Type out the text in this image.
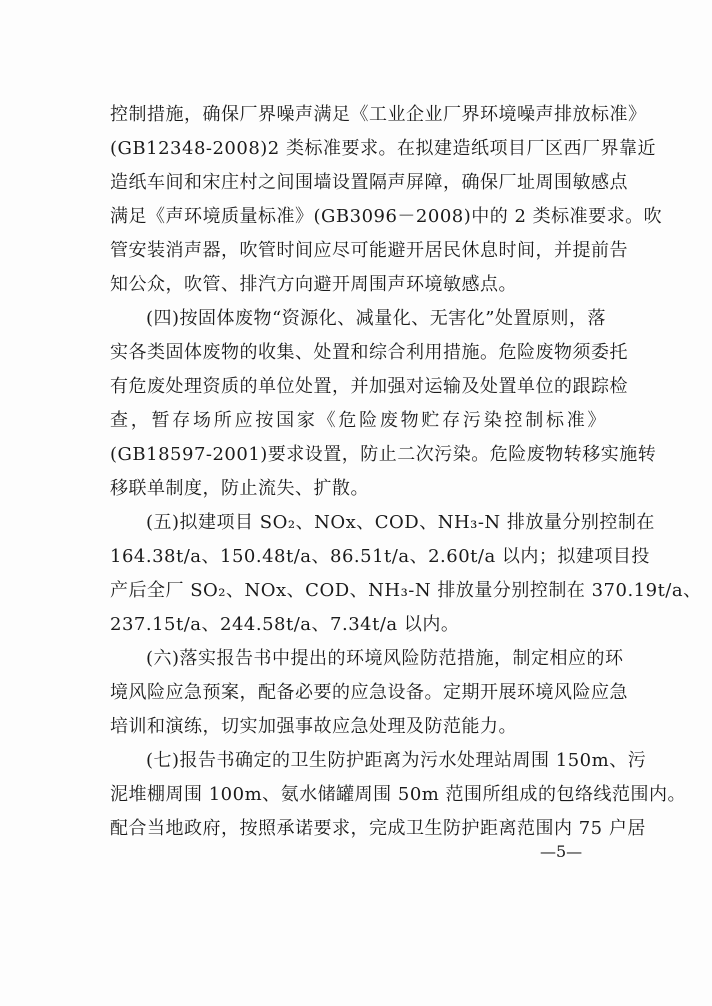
控制措施，确保厂界噪声满足《工业企业厂界环境噪声排放标准》
(GB12348-2008)2 类标准要求。在拟建造纸项目厂区西厂界靠近
造纸车间和宋庄村之间围墙设置隔声屏障，确保厂址周围敏感点
满足《声环境质量标准》(GB3096－2008)中的 2 类标准要求。吹
管安装消声器，吹管时间应尽可能避开居民休息时间，并提前告
知公众，吹管、排汽方向避开周围声环境敏感点。
(四)按固体废物“资源化、减量化、无害化”处置原则，落
实各类固体废物的收集、处置和综合利用措施。危险废物须委托
有危废处理资质的单位处置，并加强对运输及处置单位的跟踪检
查，暂存场所应按国家《危险废物贮存污染控制标准》
(GB18597-2001)要求设置，防止二次污染。危险废物转移实施转
移联单制度，防止流失、扩散。
(五)拟建项目 SO₂、NOx、COD、NH₃-N 排放量分别控制在
164.38t/a、150.48t/a、86.51t/a、2.60t/a 以内；拟建项目投
产后全厂 SO₂、NOx、COD、NH₃-N 排放量分别控制在 370.19t/a、
237.15t/a、244.58t/a、7.34t/a 以内。
(六)落实报告书中提出的环境风险防范措施，制定相应的环
境风险应急预案，配备必要的应急设备。定期开展环境风险应急
培训和演练，切实加强事故应急处理及防范能力。
(七)报告书确定的卫生防护距离为污水处理站周围 150m、污
泥堆棚周围 100m、氨水储罐周围 50m 范围所组成的包络线范围内。
配合当地政府，按照承诺要求，完成卫生防护距离范围内 75 户居
—5—
